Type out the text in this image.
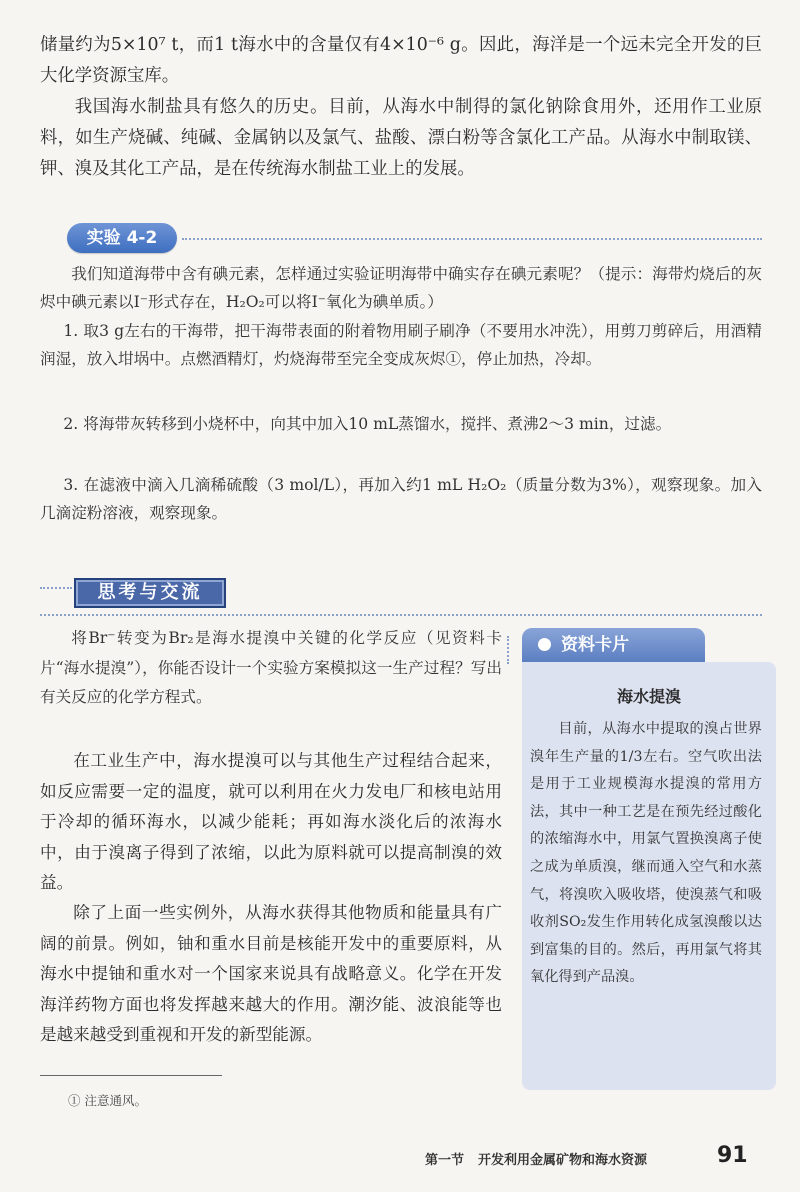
储量约为5×10⁷ t，而1 t海水中的含量仅有4×10⁻⁶ g。因此，海洋是一个远未完全开发的巨大化学资源宝库。

我国海水制盐具有悠久的历史。目前，从海水中制得的氯化钠除食用外，还用作工业原料，如生产烧碱、纯碱、金属钠以及氯气、盐酸、漂白粉等含氯化工产品。从海水中制取镁、钾、溴及其化工产品，是在传统海水制盐工业上的发展。

实验 4-2

我们知道海带中含有碘元素，怎样通过实验证明海带中确实存在碘元素呢？（提示：海带灼烧后的灰烬中碘元素以I⁻形式存在，H₂O₂可以将I⁻氧化为碘单质。）

1. 取3 g左右的干海带，把干海带表面的附着物用刷子刷净（不要用水冲洗），用剪刀剪碎后，用酒精润湿，放入坩埚中。点燃酒精灯，灼烧海带至完全变成灰烬①，停止加热，冷却。

2. 将海带灰转移到小烧杯中，向其中加入10 mL蒸馏水，搅拌、煮沸2～3 min，过滤。

3. 在滤液中滴入几滴稀硫酸（3 mol/L），再加入约1 mL H₂O₂（质量分数为3%），观察现象。加入几滴淀粉溶液，观察现象。

思考与交流

将Br⁻转变为Br₂是海水提溴中关键的化学反应（见资料卡片“海水提溴”），你能否设计一个实验方案模拟这一生产过程？写出有关反应的化学方程式。

资料卡片
海水提溴

目前，从海水中提取的溴占世界溴年生产量的1/3左右。空气吹出法是用于工业规模海水提溴的常用方法，其中一种工艺是在预先经过酸化的浓缩海水中，用氯气置换溴离子使之成为单质溴，继而通入空气和水蒸气，将溴吹入吸收塔，使溴蒸气和吸收剂SO₂发生作用转化成氢溴酸以达到富集的目的。然后，再用氯气将其氧化得到产品溴。

在工业生产中，海水提溴可以与其他生产过程结合起来，如反应需要一定的温度，就可以利用在火力发电厂和核电站用于冷却的循环海水，以减少能耗；再如海水淡化后的浓海水中，由于溴离子得到了浓缩，以此为原料就可以提高制溴的效益。

除了上面一些实例外，从海水获得其他物质和能量具有广阔的前景。例如，铀和重水目前是核能开发中的重要原料，从海水中提铀和重水对一个国家来说具有战略意义。化学在开发海洋药物方面也将发挥越来越大的作用。潮汐能、波浪能等也是越来越受到重视和开发的新型能源。

① 注意通风。
第一节 开发利用金属矿物和海水资源	91
